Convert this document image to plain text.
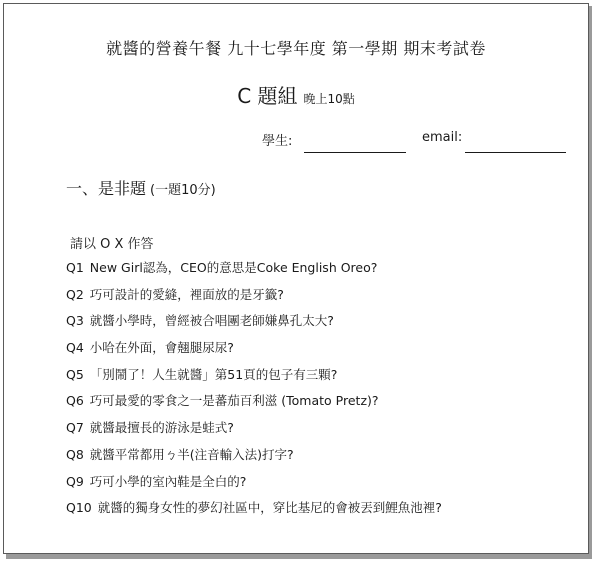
就醬的營養午餐 九十七學年度 第一學期 期末考試卷
C 題組 晚上10點
學生:	email:
一、是非題 (一題10分)
請以 O X 作答
Q1 New Girl認為，CEO的意思是Coke English Oreo?
Q2 巧可設計的愛縫，裡面放的是牙籤?
Q3 就醬小學時，曾經被合唱團老師嫌鼻孔太大?
Q4 小哈在外面，會翹腿尿尿?
Q5 「別鬧了！人生就醬」第51頁的包子有三顆?
Q6 巧可最愛的零食之一是蕃茄百利滋 (Tomato Pretz)?
Q7 就醬最擅長的游泳是蛙式?
Q8 就醬平常都用ㄅ半(注音輸入法)打字?
Q9 巧可小學的室內鞋是全白的?
Q10 就醬的獨身女性的夢幻社區中，穿比基尼的會被丟到鯉魚池裡?
